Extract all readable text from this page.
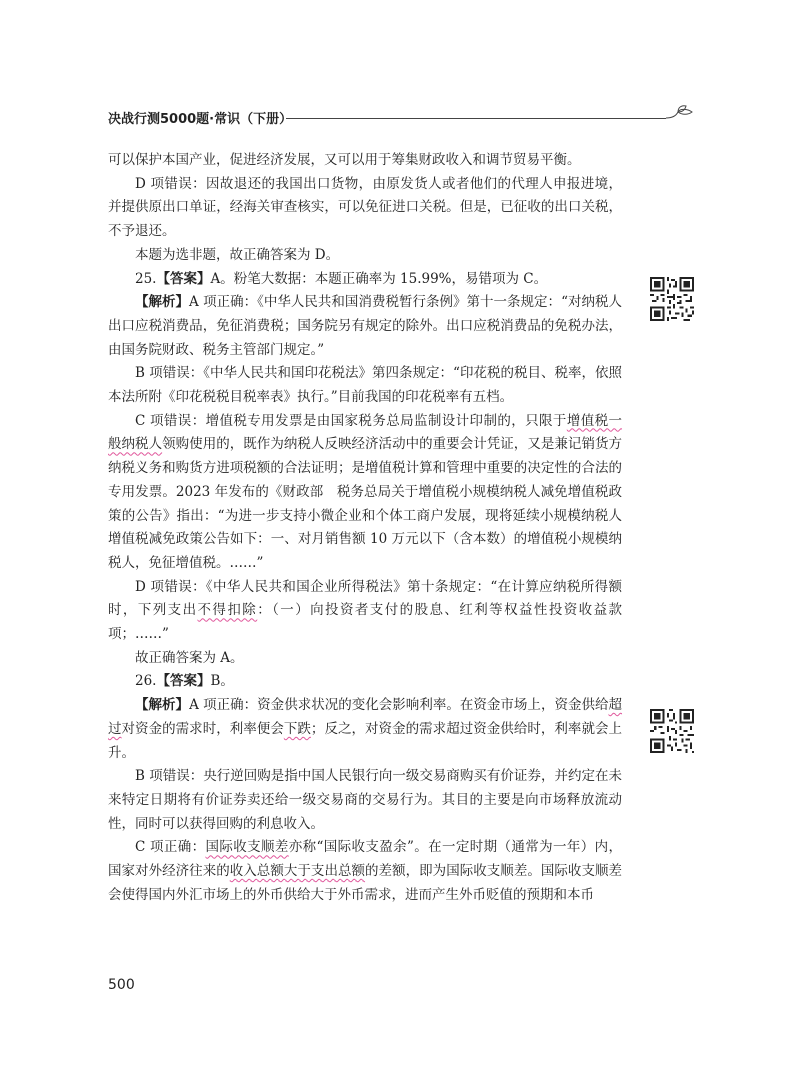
决战行测5000题·常识（下册）

可以保护本国产业，促进经济发展，又可以用于筹集财政收入和调节贸易平衡。

D 项错误：因故退还的我国出口货物，由原发货人或者他们的代理人申报进境，并提供原出口单证，经海关审查核实，可以免征进口关税。但是，已征收的出口关税，不予退还。

本题为选非题，故正确答案为 D。

25.【答案】A。粉笔大数据：本题正确率为 15.99%，易错项为 C。

【解析】A 项正确：《中华人民共和国消费税暂行条例》第十一条规定：“对纳税人出口应税消费品，免征消费税；国务院另有规定的除外。出口应税消费品的免税办法，由国务院财政、税务主管部门规定。”

B 项错误：《中华人民共和国印花税法》第四条规定：“印花税的税目、税率，依照本法所附《印花税税目税率表》执行。”目前我国的印花税率有五档。

C 项错误：增值税专用发票是由国家税务总局监制设计印制的，只限于增值税一般纳税人领购使用的，既作为纳税人反映经济活动中的重要会计凭证，又是兼记销货方纳税义务和购货方进项税额的合法证明；是增值税计算和管理中重要的决定性的合法的专用发票。2023 年发布的《财政部　税务总局关于增值税小规模纳税人减免增值税政策的公告》指出：“为进一步支持小微企业和个体工商户发展，现将延续小规模纳税人增值税减免政策公告如下：一、对月销售额 10 万元以下（含本数）的增值税小规模纳税人，免征增值税。……”

D 项错误：《中华人民共和国企业所得税法》第十条规定：“在计算应纳税所得额时，下列支出不得扣除：（一）向投资者支付的股息、红利等权益性投资收益款项；……”

故正确答案为 A。

26.【答案】B。

【解析】A 项正确：资金供求状况的变化会影响利率。在资金市场上，资金供给超过对资金的需求时，利率便会下跌；反之，对资金的需求超过资金供给时，利率就会上升。

B 项错误：央行逆回购是指中国人民银行向一级交易商购买有价证券，并约定在未来特定日期将有价证券卖还给一级交易商的交易行为。其目的主要是向市场释放流动性，同时可以获得回购的利息收入。

C 项正确：国际收支顺差亦称“国际收支盈余”。在一定时期（通常为一年）内，国家对外经济往来的收入总额大于支出总额的差额，即为国际收支顺差。国际收支顺差会使得国内外汇市场上的外币供给大于外币需求，进而产生外币贬值的预期和本币

500
